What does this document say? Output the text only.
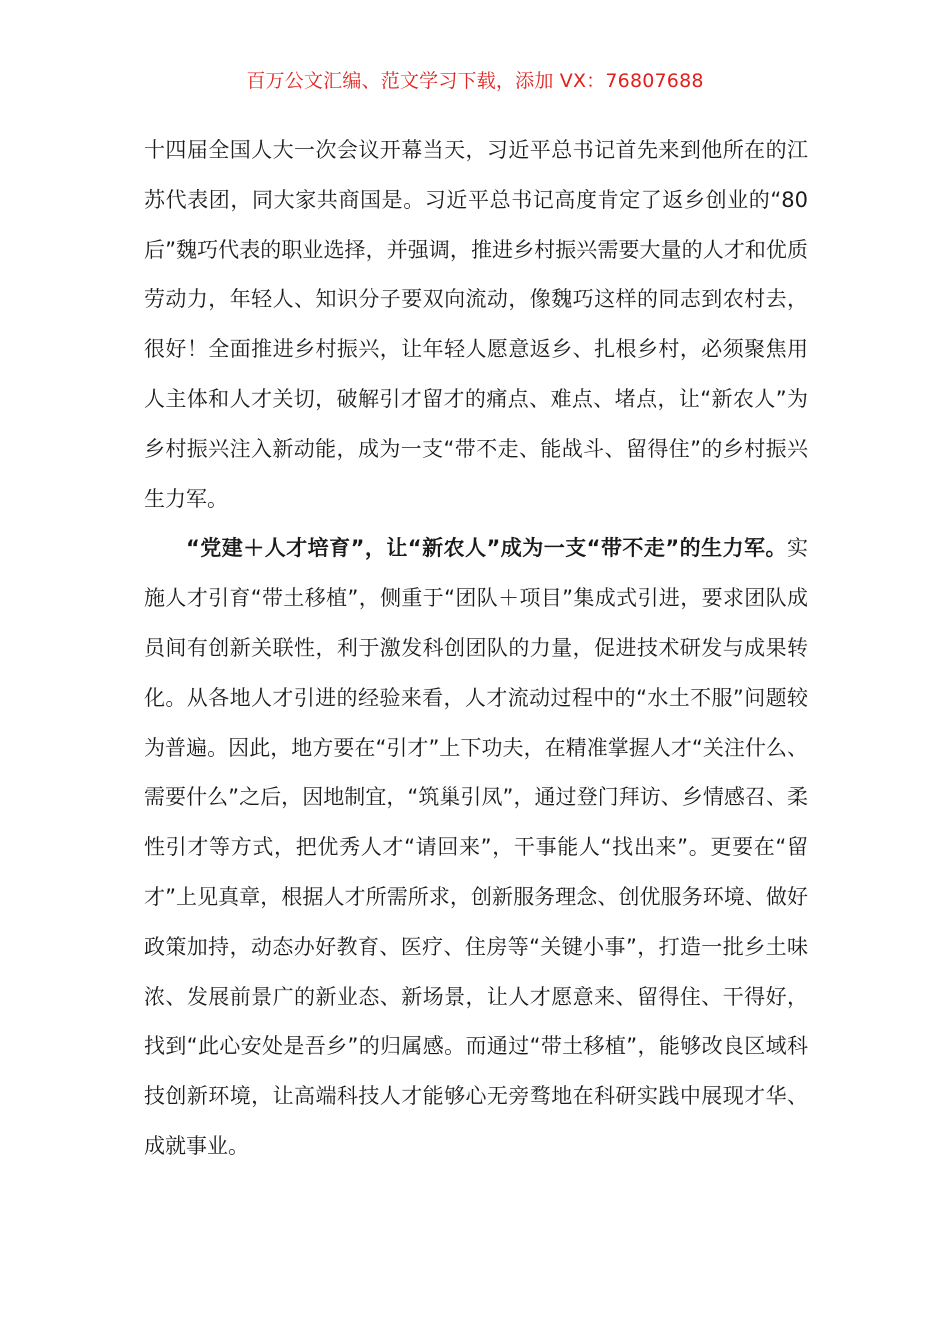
百万公文汇编、范文学习下载，添加 VX：76807688

十四届全国人大一次会议开幕当天，习近平总书记首先来到他所在的江苏代表团，同大家共商国是。习近平总书记高度肯定了返乡创业的“80后”魏巧代表的职业选择，并强调，推进乡村振兴需要大量的人才和优质劳动力，年轻人、知识分子要双向流动，像魏巧这样的同志到农村去，很好！全面推进乡村振兴，让年轻人愿意返乡、扎根乡村，必须聚焦用人主体和人才关切，破解引才留才的痛点、难点、堵点，让“新农人”为乡村振兴注入新动能，成为一支“带不走、能战斗、留得住”的乡村振兴生力军。

“党建＋人才培育”，让“新农人”成为一支“带不走”的生力军。实施人才引育“带土移植”，侧重于“团队＋项目”集成式引进，要求团队成员间有创新关联性，利于激发科创团队的力量，促进技术研发与成果转化。从各地人才引进的经验来看，人才流动过程中的“水土不服”问题较为普遍。因此，地方要在“引才”上下功夫，在精准掌握人才“关注什么、需要什么”之后，因地制宜，“筑巢引凤”，通过登门拜访、乡情感召、柔性引才等方式，把优秀人才“请回来”，干事能人“找出来”。更要在“留才”上见真章，根据人才所需所求，创新服务理念、创优服务环境、做好政策加持，动态办好教育、医疗、住房等“关键小事”，打造一批乡土味浓、发展前景广的新业态、新场景，让人才愿意来、留得住、干得好，找到“此心安处是吾乡”的归属感。而通过“带土移植”，能够改良区域科技创新环境，让高端科技人才能够心无旁骛地在科研实践中展现才华、成就事业。
